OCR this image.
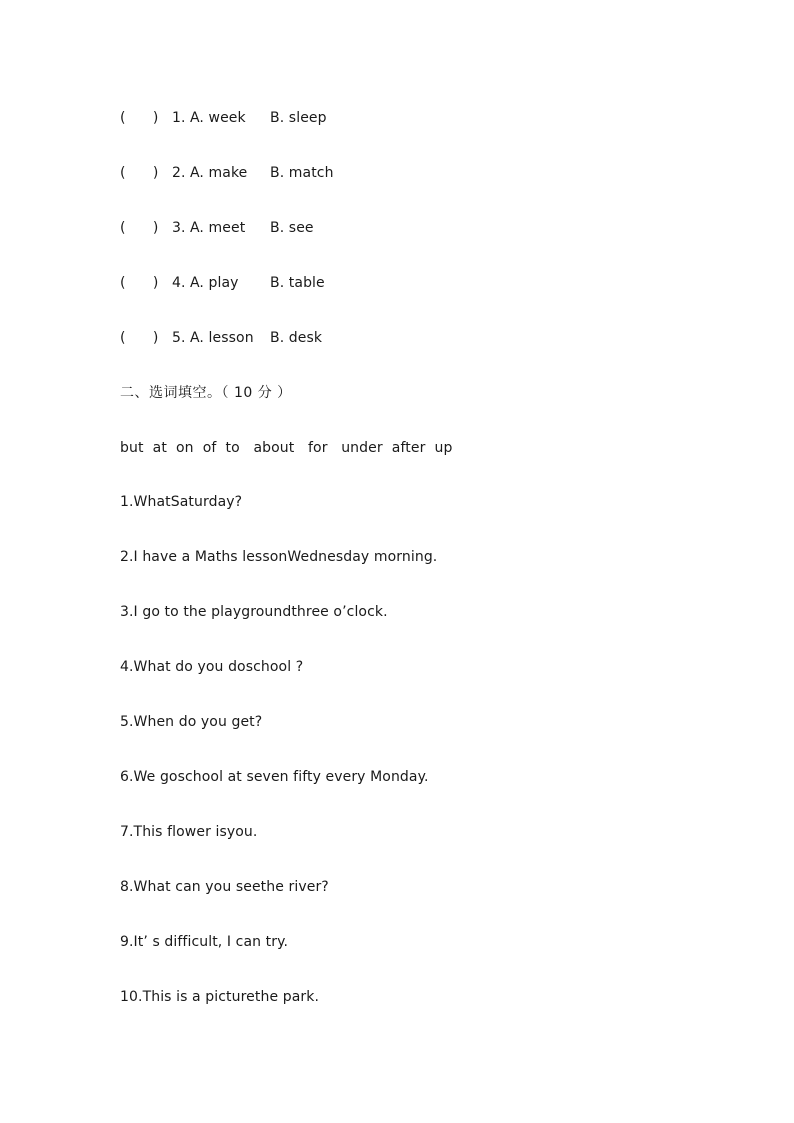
(      ) 1. A. week	B. sleep
(      ) 2. A. make	B. match
(      ) 3. A. meet	B. see
(      ) 4. A. play	B. table
(      ) 5. A. lesson	B. desk
二、选词填空。（ 10 分 ）
but  at  on  of  to   about   for   under  after  up
1.WhatSaturday?
2.I have a Maths lessonWednesday morning.
3.I go to the playgroundthree o’clock.
4.What do you doschool ?
5.When do you get?
6.We goschool at seven fifty every Monday.
7.This flower isyou.
8.What can you seethe river?
9.It’ s difficult, I can try.
10.This is a picturethe park.
